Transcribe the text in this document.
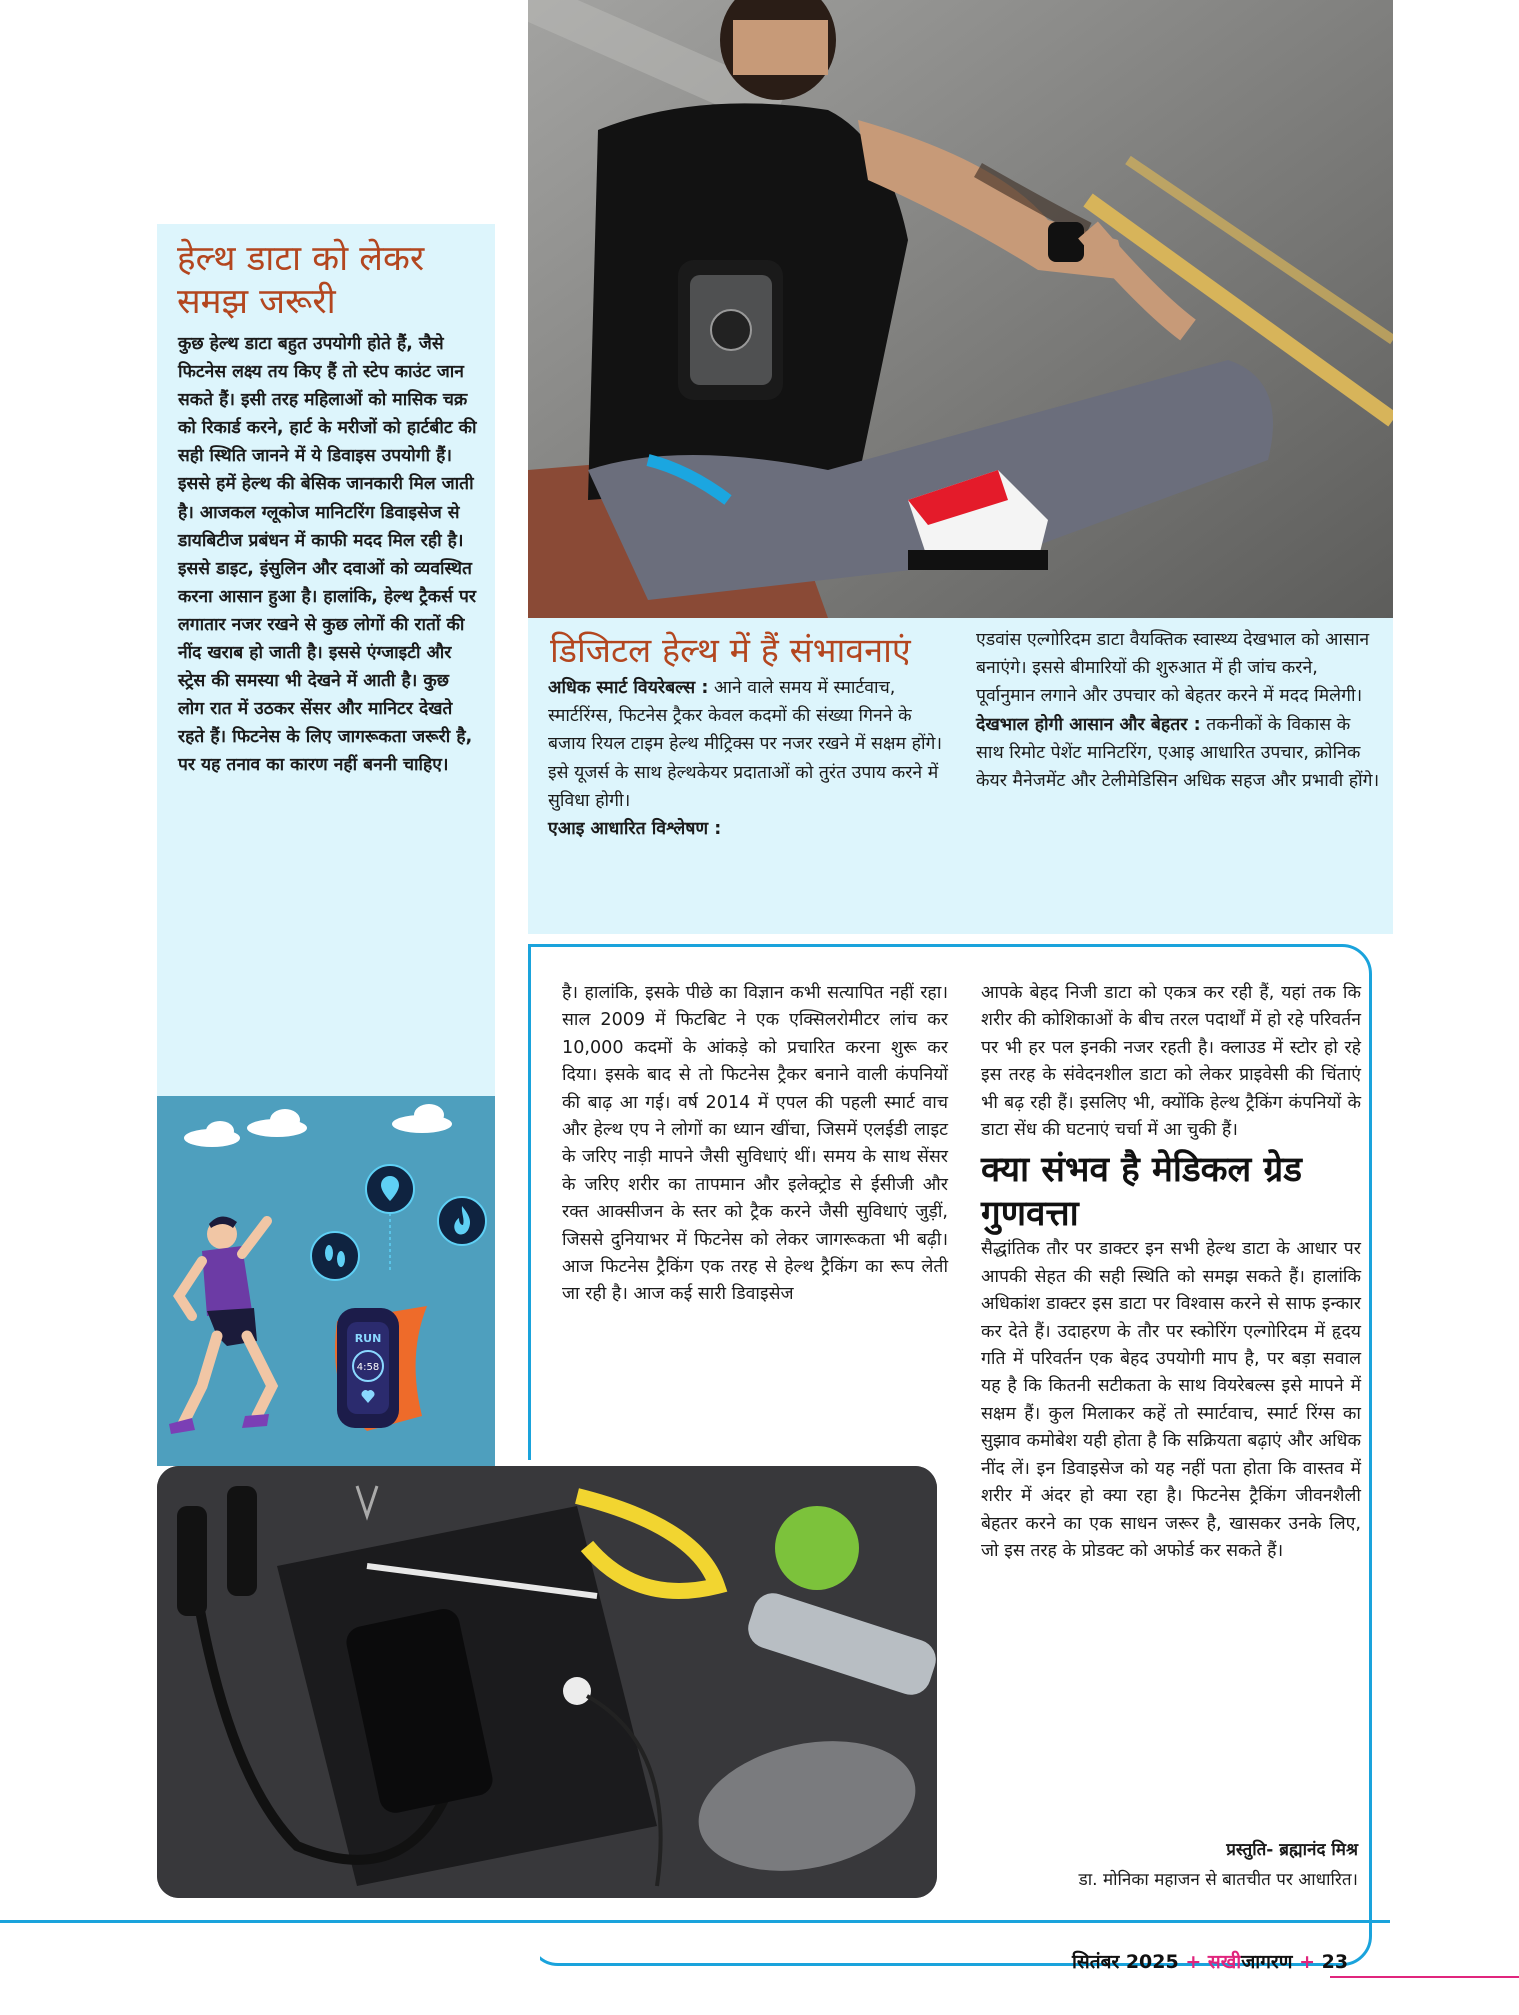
हेल्थ डाटा को लेकर समझ जरूरी

कुछ हेल्थ डाटा बहुत उपयोगी होते हैं, जैसे फिटनेस लक्ष्य तय किए हैं तो स्टेप काउंट जान सकते हैं। इसी तरह महिलाओं को मासिक चक्र को रिकार्ड करने, हार्ट के मरीजों को हार्टबीट की सही स्थिति जानने में ये डिवाइस उपयोगी हैं। इससे हमें हेल्थ की बेसिक जानकारी मिल जाती है। आजकल ग्लूकोज मानिटरिंग डिवाइसेज से डायबिटीज प्रबंधन में काफी मदद मिल रही है। इससे डाइट, इंसुलिन और दवाओं को व्यवस्थित करना आसान हुआ है। हालांकि, हेल्थ ट्रैकर्स पर लगातार नजर रखने से कुछ लोगों की रातों की नींद खराब हो जाती है। इससे एंग्जाइटी और स्ट्रेस की समस्या भी देखने में आती है। कुछ लोग रात में उठकर सेंसर और मानिटर देखते रहते हैं। फिटनेस के लिए जागरूकता जरूरी है, पर यह तनाव का कारण नहीं बननी चाहिए।

RUN
4:58
डिजिटल हेल्थ में हैं संभावनाएं
अधिक स्मार्ट वियरेबल्स : आने वाले समय में स्मार्टवाच, स्मार्टरिंग्स, फिटनेस ट्रैकर केवल कदमों की संख्या गिनने के बजाय रियल टाइम हेल्थ मीट्रिक्स पर नजर रखने में सक्षम होंगे। इसे यूजर्स के साथ हेल्थकेयर प्रदाताओं को तुरंत उपाय करने में सुविधा होगी।
एआइ आधारित विश्लेषण :
एडवांस एल्गोरिदम डाटा वैयक्तिक स्वास्थ्य देखभाल को आसान बनाएंगे। इससे बीमारियों की शुरुआत में ही जांच करने, पूर्वानुमान लगाने और उपचार को बेहतर करने में मदद मिलेगी।
देखभाल होगी आसान और बेहतर : तकनीकों के विकास के साथ रिमोट पेशेंट मानिटरिंग, एआइ आधारित उपचार, क्रोनिक केयर मैनेजमेंट और टेलीमेडिसिन अधिक सहज और प्रभावी होंगे।
है। हालांकि, इसके पीछे का विज्ञान कभी सत्यापित नहीं रहा। साल 2009 में फिटबिट ने एक एक्सिलरोमीटर लांच कर 10,000 कदमों के आंकड़े को प्रचारित करना शुरू कर दिया। इसके बाद से तो फिटनेस ट्रैकर बनाने वाली कंपनियों की बाढ़ आ गई। वर्ष 2014 में एपल की पहली स्मार्ट वाच और हेल्थ एप ने लोगों का ध्यान खींचा, जिसमें एलईडी लाइट के जरिए नाड़ी मापने जैसी सुविधाएं थीं। समय के साथ सेंसर के जरिए शरीर का तापमान और इलेक्ट्रोड से ईसीजी और रक्त आक्सीजन के स्तर को ट्रैक करने जैसी सुविधाएं जुड़ीं, जिससे दुनियाभर में फिटनेस को लेकर जागरूकता भी बढ़ी। आज फिटनेस ट्रैकिंग एक तरह से हेल्थ ट्रैकिंग का रूप लेती जा रही है। आज कई सारी डिवाइसेज
आपके बेहद निजी डाटा को एकत्र कर रही हैं, यहां तक कि शरीर की कोशिकाओं के बीच तरल पदार्थों में हो रहे परिवर्तन पर भी हर पल इनकी नजर रहती है। क्लाउड में स्टोर हो रहे इस तरह के संवेदनशील डाटा को लेकर प्राइवेसी की चिंताएं भी बढ़ रही हैं। इसलिए भी, क्योंकि हेल्थ ट्रैकिंग कंपनियों के डाटा सेंध की घटनाएं चर्चा में आ चुकी हैं।
क्या संभव है मेडिकल ग्रेड गुणवत्ता
सैद्धांतिक तौर पर डाक्टर इन सभी हेल्थ डाटा के आधार पर आपकी सेहत की सही स्थिति को समझ सकते हैं। हालांकि अधिकांश डाक्टर इस डाटा पर विश्वास करने से साफ इन्कार कर देते हैं। उदाहरण के तौर पर स्कोरिंग एल्गोरिदम में हृदय गति में परिवर्तन एक बेहद उपयोगी माप है, पर बड़ा सवाल यह है कि कितनी सटीकता के साथ वियरेबल्स इसे मापने में सक्षम हैं। कुल मिलाकर कहें तो स्मार्टवाच, स्मार्ट रिंग्स का सुझाव कमोबेश यही होता है कि सक्रियता बढ़ाएं और अधिक नींद लें। इन डिवाइसेज को यह नहीं पता होता कि वास्तव में शरीर में अंदर हो क्या रहा है। फिटनेस ट्रैकिंग जीवनशैली बेहतर करने का एक साधन जरूर है, खासकर उनके लिए, जो इस तरह के प्रोडक्ट को अफोर्ड कर सकते हैं।
प्रस्तुति- ब्रह्मानंद मिश्र
डा. मोनिका महाजन से बातचीत पर आधारित।
सितंबर 2025 + सखीजागरण + 23
